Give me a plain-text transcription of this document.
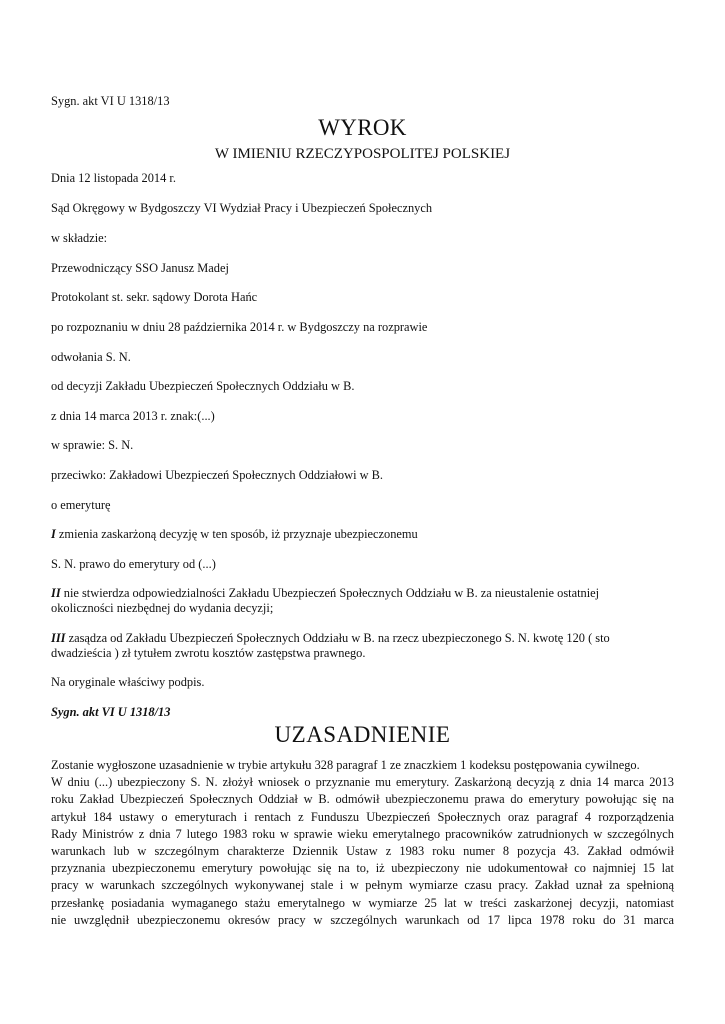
Sygn. akt VI U 1318/13

WYROK
W IMIENIU RZECZYPOSPOLITEJ POLSKIEJ

Dnia 12 listopada 2014 r.

Sąd Okręgowy w Bydgoszczy VI Wydział Pracy i Ubezpieczeń Społecznych

w składzie:

Przewodniczący SSO Janusz Madej

Protokolant st. sekr. sądowy Dorota Hańc

po rozpoznaniu w dniu 28 października 2014 r. w Bydgoszczy na rozprawie

odwołania S. N.

od decyzji Zakładu Ubezpieczeń Społecznych Oddziału w B.

z dnia 14 marca 2013 r. znak:(...)

w sprawie: S. N.

przeciwko: Zakładowi Ubezpieczeń Społecznych Oddziałowi w B.

o emeryturę

I zmienia zaskarżoną decyzję w ten sposób, iż przyznaje ubezpieczonemu

S. N. prawo do emerytury od (...)

II nie stwierdza odpowiedzialności Zakładu Ubezpieczeń Społecznych Oddziału w B. za nieustalenie ostatniej

okoliczności niezbędnej do wydania decyzji;

III zasądza od Zakładu Ubezpieczeń Społecznych Oddziału w B. na rzecz ubezpieczonego S. N. kwotę 120 ( sto

dwadzieścia ) zł tytułem zwrotu kosztów zastępstwa prawnego.

Na oryginale właściwy podpis.

Sygn. akt VI U 1318/13

UZASADNIENIE
Zostanie wygłoszone uzasadnienie w trybie artykułu 328 paragraf 1 ze znaczkiem 1 kodeksu postępowania cywilnego.
W dniu (...) ubezpieczony S. N. złożył wniosek o przyznanie mu emerytury. Zaskarżoną decyzją z dnia 14 marca 2013
roku Zakład Ubezpieczeń Społecznych Oddział w B. odmówił ubezpieczonemu prawa do emerytury powołując się na
artykuł 184 ustawy o emeryturach i rentach z Funduszu Ubezpieczeń Społecznych oraz paragraf 4 rozporządzenia
Rady Ministrów z dnia 7 lutego 1983 roku w sprawie wieku emerytalnego pracowników zatrudnionych w szczególnych
warunkach lub w szczególnym charakterze Dziennik Ustaw z 1983 roku numer 8 pozycja 43. Zakład odmówił
przyznania ubezpieczonemu emerytury powołując się na to, iż ubezpieczony nie udokumentował co najmniej 15 lat
pracy w warunkach szczególnych wykonywanej stale i w pełnym wymiarze czasu pracy. Zakład uznał za spełnioną
przesłankę posiadania wymaganego stażu emerytalnego w wymiarze 25 lat w treści zaskarżonej decyzji, natomiast
nie uwzględnił ubezpieczonemu okresów pracy w szczególnych warunkach od 17 lipca 1978 roku do 31 marca
